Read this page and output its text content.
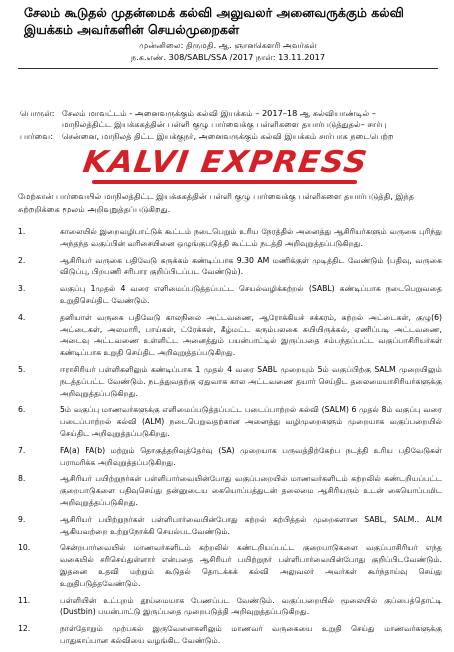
சேலம் கூடுதல் முதன்மைக் கல்வி அலுவலர் அனைவருக்கும் கல்வி இயக்கம் அவர்களின் செயல்முறைகள்
முன்னிலை: திருமதி. ஆ. ஞானகௌரி அவர்கள்
ந.க.எண். 308/SABL/SSA /2017 நாள்: 13.11.2017
பொருள்: சேலம் மாவட்டம் - அனைவருக்கும் கல்வி இயக்கம் – 2017–18 ஆ கல்வியாண்டில் –
மாநிலத்திட்ட இயக்ககத்தின் பள்ளி குழு பார்வைக்கு பள்ளிகளை தயார்படுத்துதல்– சார்பு
பார்வை: சென்னை, மாநிலத் திட்ட இயக்குநர், அனைவருக்கும் கல்வி இயக்கம் சார்பாக நடைபெற்ற
KALVI EXPRESS
மேற்கான் பார்வையில் மாநிலத்திட்ட இயக்ககத்தின் பள்ளி குழு பார்வைக்கு பள்ளிகளை தயார்படுத்தி, இந்த சுற்றறிக்கை மூலம் அறிவுறுத்தப்படுகிறது.
1.	காலையில் இறைவழிபாட்டுக் கூட்டம் நடைபெறும் உரிய நேரத்தில் அனைத்து ஆசிரியர்களும் வருகை புரிந்து அந்தந்த வகுப்பின் வரிசையினை ஒழுங்குபடுத்தி கூட்டம் நடத்தி அறிவுறுத்தப்படுகிறது.
2.	ஆசிரியர் வருகை பதிவேடு கருக்கம் கண்டிப்பாக 9.30 AM மணிக்குள் முடித்திட வேண்டும் (பதிவு, வருகை விடுப்பு, பிறபணி சரிபார குறிப்பிடப்பட வேண்டும்).
3.	வகுப்பு 1முதல் 4 வரை எளிமைப்படுத்தப்பட்ட செயல்வழிக்கற்றல் (SABL) கண்டிப்பாக நடைபெறுவதை உறுதிசெய்திட வேண்டும்.
4.	தனியாள் வருகை பதிவேடு காலநிலை அட்டவணை, ஆரோக்கியச் சக்கரம், கற்றல் அட்டைகள், குழு(6) அட்டைகள், அலமாரி, பாய்கள், ட்ரேக்கள், கீழ்மட்ட கரும்பலகை சுயியிருக்கல், ஏணிப்படி அட்டவணை, அடைவு அட்டவணை உள்ளிட்ட அனைத்தும் பயன்பாட்டில் இருப்பதை சம்பந்தப்பட்ட வகுப்பாசிரியர்கள் கண்டிப்பாக உறுதி செய்திட அறிவுறுத்தப்படுகிறது.
5.	ஈராசிரியர் பள்ளிகளிலும் கண்டிப்பாக 1 முதல் 4 வரை SABL முறையும் 5ம் வகுப்பிற்கு SALM முறையிலும் நடத்தப்பட்ட வேண்டும். நடத்துவதற்கு ஏதுவாக கால அட்டவணை தயார் செய்திட தலைமையாசிரியர்களுக்கு அறிவுறுத்தப்படுகிறது.
6.	5ம் வகுப்பு மாணவர்களுக்கு எளிமைப்படுத்தப்பட்ட படைப்பாற்றல் கல்வி (SALM) 6 முதல் 8ம் வகுப்பு வரை படைப்பாற்றல் கல்வி (ALM) நடைபெறுவதற்கான அனைத்து வழிமுறைகளும் முறையாக வகுப்பறையில் செய்திட அறிவுறுத்தப்படுகிறது.
7.	FA(a) FA(b) மற்றும் தொகுத்தறிவுத்தேர்வு (SA) முறையாக பருவத்திற்கேற்ப நடத்தி உரிய பதிவேடுகள் பராமரிக்க அறிவுறுத்தப்படுகிறது.
8.	ஆசிரியர் பயிற்றுநர்கள் பள்ளிபார்வையின்போது வகுப்பறையில் மாணவர்களிடம் கற்றலில் கண்டறியப்பட்ட குறைபாடுகளை பதிவுசெய்து தன்னுடைய கையொப்பத்துடன் தலைமை ஆசிரியரும் உடன் கையொப்பமிட அறிவுறுத்தப்படுகிறது.
9.	ஆசிரியர் பயிற்றுநர்கள் பள்ளிபார்வையின்போது கற்றல் கற்பித்தல் முறைகளான SABL, SALM.. ALM ஆகியவற்றை உற்றுநோக்கி செயல்படவேண்டும்.
10.	சென்றபார்வையில் மாணவர்களிடம் கற்றலில் கண்டறியப்பட்ட குறைபாடுகளை வகுப்பாசிரியர் எந்த வகையில் சரிசெய்துள்ளார் என்பதை ஆசிரியர் பயிற்றுநர் பள்ளிபார்வையின்போது குறிப்பிடவேண்டும். இதனை உதவி மற்றும் கூடுதல் தொடக்கக் கல்வி அலுவலர் அவர்கள் கூர்ந்தாய்வு செய்து உறுதிபடுத்தவேண்டும்.
11.	பள்ளியின் உட்புறம் தூய்மையாக பேணப்பட வேண்டும். வகுப்பறையில் மூலையில் குப்பைத்தொட்டி (Dustbin) பயன்பாட்டு இருப்பதை முறைபடுத்தி அறிவுறுத்தப்படுகிறது.
12.	நாள்தோறும் முற்பகல் இருவேளைகளிலும் மாணவர் வருகையை உறுதி செய்து மாணவர்களுக்கு பாதுகாப்பான கல்வியை வழங்கிட வேண்டும்.
